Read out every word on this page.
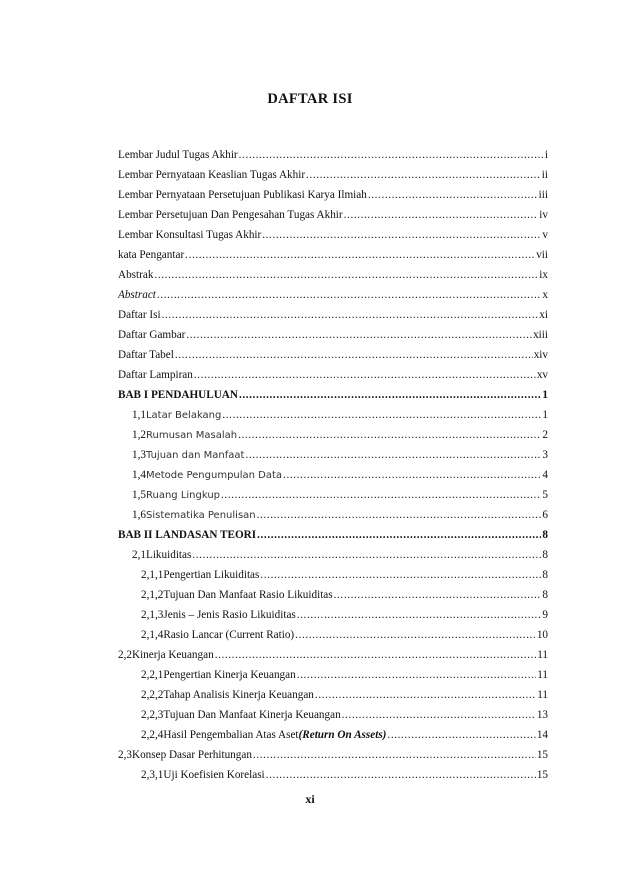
DAFTAR ISI
Lembar Judul Tugas Akhir .....	i
Lembar Pernyataan Keaslian Tugas Akhir .....	ii
Lembar Pernyataan Persetujuan Publikasi Karya Ilmiah .....	iii
Lembar Persetujuan Dan Pengesahan Tugas Akhir .....	iv
Lembar Konsultasi Tugas Akhir .....	v
kata Pengantar .....	vii
Abstrak .....	ix
Abstract .....	x
Daftar Isi .....	xi
Daftar Gambar .....	xiii
Daftar Tabel .....	xiv
Daftar Lampiran .....	xv
BAB I PENDAHULUAN .....	1
1,1 Latar Belakang .....	1
1,2 Rumusan Masalah .....	2
1,3 Tujuan dan Manfaat .....	3
1,4 Metode Pengumpulan Data .....	4
1,5 Ruang Lingkup .....	5
1,6 Sistematika Penulisan .....	6
BAB II LANDASAN TEORI .....	8
2,1 Likuiditas .....	8
2,1,1 Pengertian Likuiditas .....	8
2,1,2 Tujuan Dan Manfaat Rasio Likuiditas .....	8
2,1,3 Jenis – Jenis Rasio Likuiditas .....	9
2,1,4 Rasio Lancar (Current Ratio) .....	10
2,2 Kinerja Keuangan .....	11
2,2,1 Pengertian Kinerja Keuangan .....	11
2,2,2 Tahap Analisis Kinerja Keuangan .....	11
2,2,3 Tujuan Dan Manfaat Kinerja Keuangan .....	13
2,2,4 Hasil Pengembalian Atas Aset (Return On Assets) .....	14
2,3 Konsep Dasar Perhitungan .....	15
2,3,1 Uji Koefisien Korelasi .....	15
xi
